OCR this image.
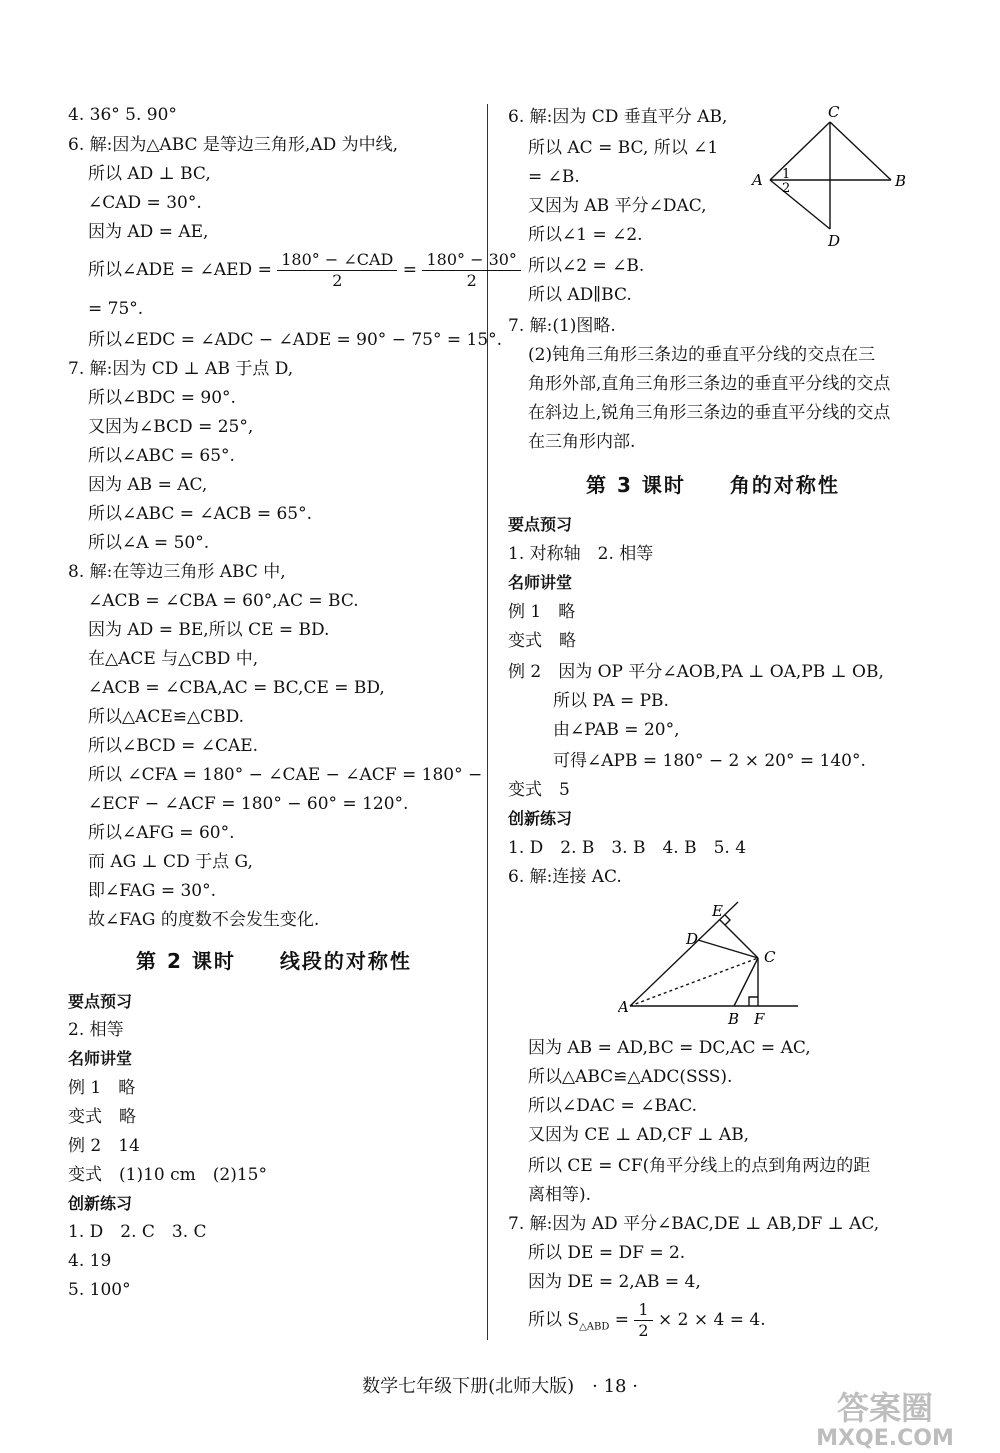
4. 36° 5. 90°
6. 解:因为△ABC 是等边三角形,AD 为中线,
所以 AD ⊥ BC,
∠CAD = 30°.
因为 AD = AE,
所以∠ADE = ∠AED = $\frac{\text{180° − ∠CAD}}{2} = \frac{180^\circ - 30^\circ}{2}$
= 75°.
所以∠EDC = ∠ADC − ∠ADE = 90° − 75° = 15°.
7. 解:因为 CD ⊥ AB 于点 D,
所以∠BDC = 90°.
又因为∠BCD = 25°,
所以∠ABC = 65°.
因为 AB = AC,
所以∠ABC = ∠ACB = 65°.
所以∠A = 50°.
8. 解:在等边三角形 ABC 中,
∠ACB = ∠CBA = 60°,AC = BC.
因为 AD = BE,所以 CE = BD.
在△ACE 与△CBD 中,
∠ACB = ∠CBA,AC = BC,CE = BD,
所以△ACE≌△CBD.
所以∠BCD = ∠CAE.
所以 ∠CFA = 180° − ∠CAE − ∠ACF = 180° −
∠ECF − ∠ACF = 180° − 60° = 120°.
所以∠AFG = 60°.
而 AG ⊥ CD 于点 G,
即∠FAG = 30°.
故∠FAG 的度数不会发生变化.
第 2 课时　　线段的对称性
要点预习
2. 相等
名师讲堂
例 1　略
变式　略
例 2　14
变式　(1)10 cm　(2)15°
创新练习
1. D　2. C　3. C
4. 19
5. 100°
6. 解:因为 CD 垂直平分 AB,
所以 AC = BC, 所以 ∠1
= ∠B.
又因为 AB 平分∠DAC,
所以∠1 = ∠2.
所以∠2 = ∠B.
所以 AD∥BC.
C
A	B
D
1
2
7. 解:(1)图略.
(2)钝角三角形三条边的垂直平分线的交点在三
角形外部,直角三角形三条边的垂直平分线的交点
在斜边上,锐角三角形三条边的垂直平分线的交点
在三角形内部.
第 3 课时　　角的对称性
要点预习
1. 对称轴　2. 相等
名师讲堂
例 1　略
变式　略
例 2　因为 OP 平分∠AOB,PA ⊥ OA,PB ⊥ OB,
所以 PA = PB.
由∠PAB = 20°,
可得∠APB = 180° − 2 × 20° = 140°.
变式　5
创新练习
1. D　2. B　3. B　4. B　5. 4
6. 解:连接 AC.
E
D
C
A
B F
因为 AB = AD,BC = DC,AC = AC,
所以△ABC≌△ADC(SSS).
所以∠DAC = ∠BAC.
又因为 CE ⊥ AD,CF ⊥ AB,
所以 CE = CF(角平分线上的点到角两边的距
离相等).
7. 解:因为 AD 平分∠BAC,DE ⊥ AB,DF ⊥ AC,
所以 DE = DF = 2.
因为 DE = 2,AB = 4,
所以 $S_{\triangle ABD} = \frac{1}{2} \times 2 \times 4 = 4$.
数学七年级下册(北师大版)　· 18 ·
答案圈
MXQE.COM
